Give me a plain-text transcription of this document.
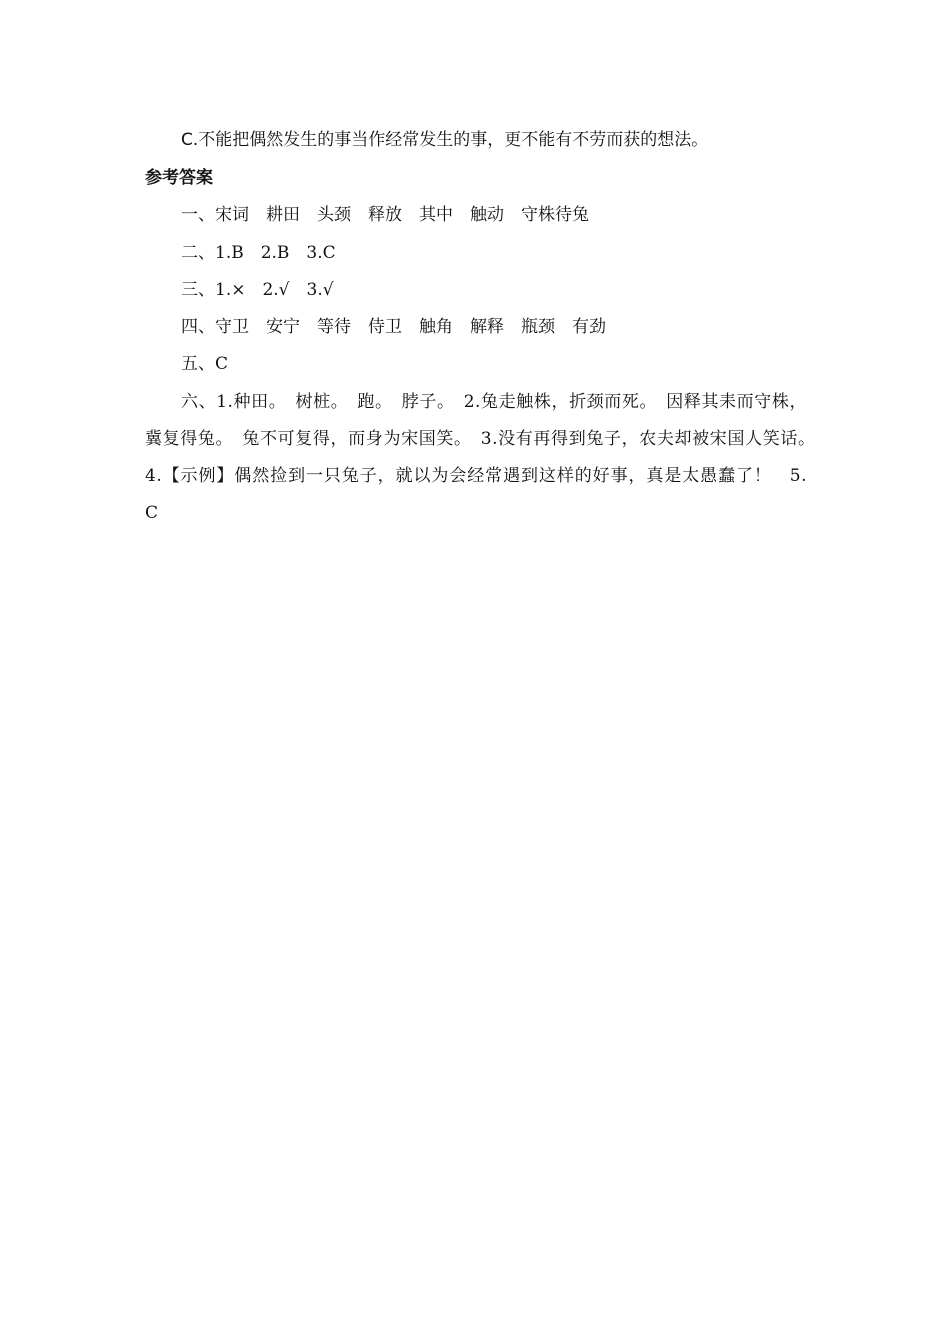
C.不能把偶然发生的事当作经常发生的事，更不能有不劳而获的想法。
参考答案
一、宋词　耕田　头颈　释放　其中　触动　守株待兔
二、1.B　2.B　3.C
三、1.×　2.√　3.√
四、守卫　安宁　等待　侍卫　触角　解释　瓶颈　有劲
五、C
六、1.种田。　树桩。　跑。　脖子。　2.兔走触株，折颈而死。　因释其耒而守株，冀复得兔。　兔不可复得，而身为宋国笑。　3.没有再得到兔子，农夫却被宋国人笑话。　4.【示例】偶然捡到一只兔子，就以为会经常遇到这样的好事，真是太愚蠢了！　5. C
